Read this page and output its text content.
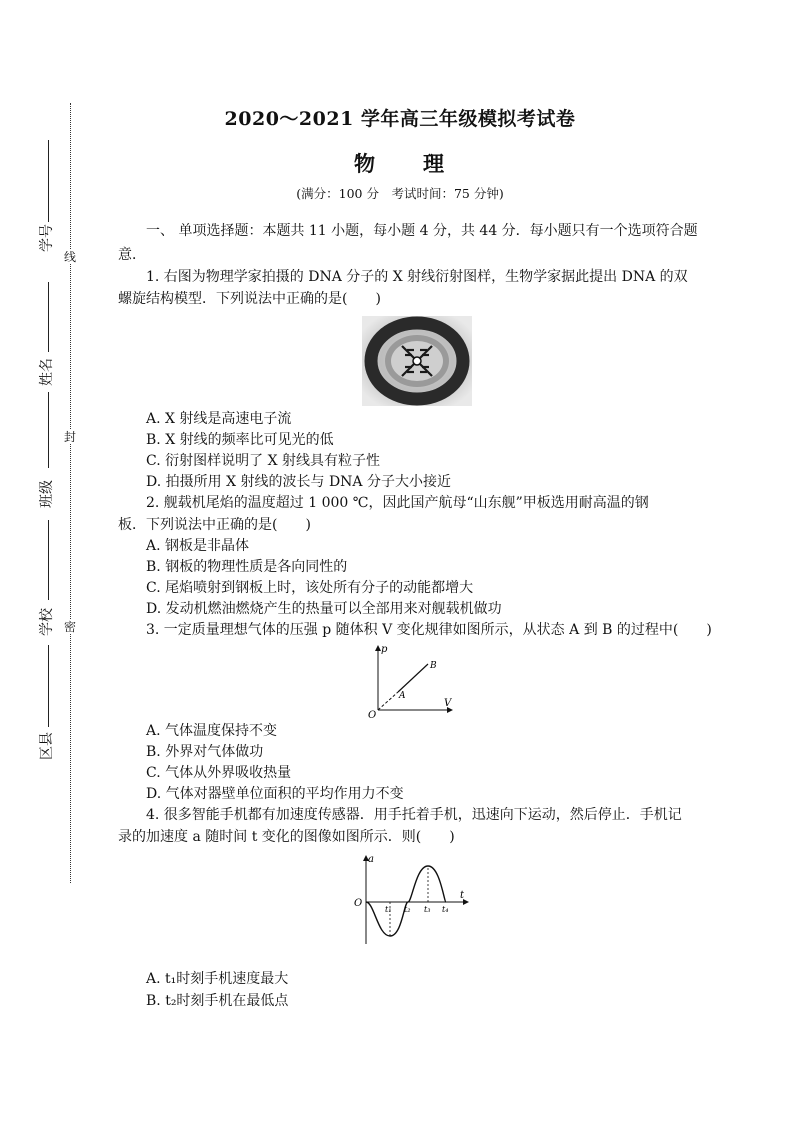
线
封
密
学号
姓名
班级
学校
区县
2020～2021 学年高三年级模拟考试卷
物　　理
(满分：100 分　考试时间：75 分钟)
一、 单项选择题：本题共 11 小题，每小题 4 分，共 44 分．每小题只有一个选项符合题
意．
1. 右图为物理学家拍摄的 DNA 分子的 X 射线衍射图样，生物学家据此提出 DNA 的双
螺旋结构模型．下列说法中正确的是(　　)
A. X 射线是高速电子流
B. X 射线的频率比可见光的低
C. 衍射图样说明了 X 射线具有粒子性
D. 拍摄所用 X 射线的波长与 DNA 分子大小接近
2. 舰载机尾焰的温度超过 1 000 ℃，因此国产航母“山东舰”甲板选用耐高温的钢
板．下列说法中正确的是(　　)
A. 钢板是非晶体
B. 钢板的物理性质是各向同性的
C. 尾焰喷射到钢板上时，该处所有分子的动能都增大
D. 发动机燃油燃烧产生的热量可以全部用来对舰载机做功
3. 一定质量理想气体的压强 p 随体积 V 变化规律如图所示，从状态 A 到 B 的过程中(　　)
p
V
O
A
B
A. 气体温度保持不变
B. 外界对气体做功
C. 气体从外界吸收热量
D. 气体对器壁单位面积的平均作用力不变
4. 很多智能手机都有加速度传感器．用手托着手机，迅速向下运动，然后停止．手机记
录的加速度 a 随时间 t 变化的图像如图所示．则(　　)
a
t
O
t₁ t₂ t₃ t₄
A. t₁时刻手机速度最大
B. t₂时刻手机在最低点
